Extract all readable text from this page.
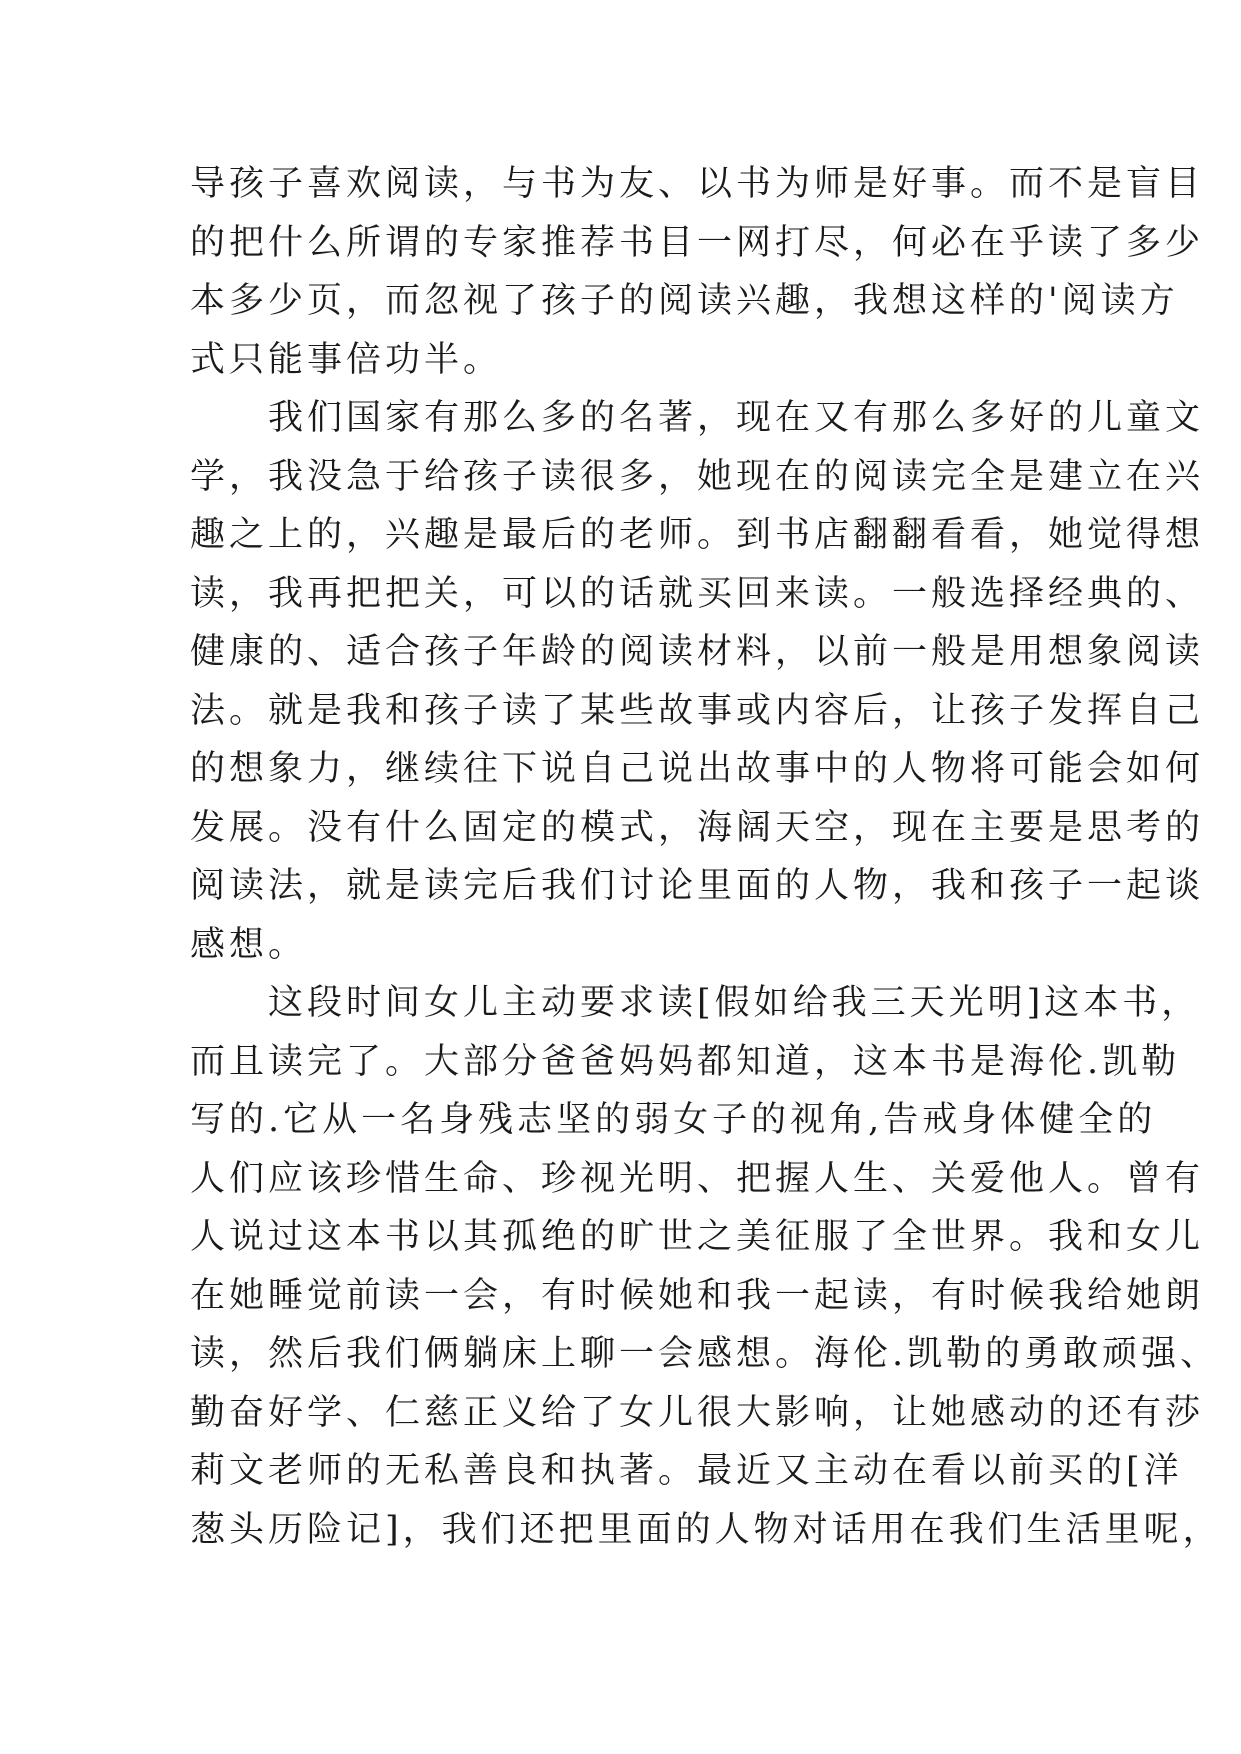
导孩子喜欢阅读，与书为友、以书为师是好事。而不是盲目
的把什么所谓的专家推荐书目一网打尽，何必在乎读了多少
本多少页，而忽视了孩子的阅读兴趣，我想这样的'阅读方
式只能事倍功半。
　　我们国家有那么多的名著，现在又有那么多好的儿童文
学，我没急于给孩子读很多，她现在的阅读完全是建立在兴
趣之上的，兴趣是最后的老师。到书店翻翻看看，她觉得想
读，我再把把关，可以的话就买回来读。一般选择经典的、
健康的、适合孩子年龄的阅读材料，以前一般是用想象阅读
法。就是我和孩子读了某些故事或内容后，让孩子发挥自己
的想象力，继续往下说自己说出故事中的人物将可能会如何
发展。没有什么固定的模式，海阔天空，现在主要是思考的
阅读法，就是读完后我们讨论里面的人物，我和孩子一起谈
感想。
　　这段时间女儿主动要求读[假如给我三天光明]这本书，
而且读完了。大部分爸爸妈妈都知道，这本书是海伦.凯勒
写的.它从一名身残志坚的弱女子的视角,告戒身体健全的
人们应该珍惜生命、珍视光明、把握人生、关爱他人。曾有
人说过这本书以其孤绝的旷世之美征服了全世界。我和女儿
在她睡觉前读一会，有时候她和我一起读，有时候我给她朗
读，然后我们俩躺床上聊一会感想。海伦.凯勒的勇敢顽强、
勤奋好学、仁慈正义给了女儿很大影响，让她感动的还有莎
莉文老师的无私善良和执著。最近又主动在看以前买的[洋
葱头历险记]，我们还把里面的人物对话用在我们生活里呢，
